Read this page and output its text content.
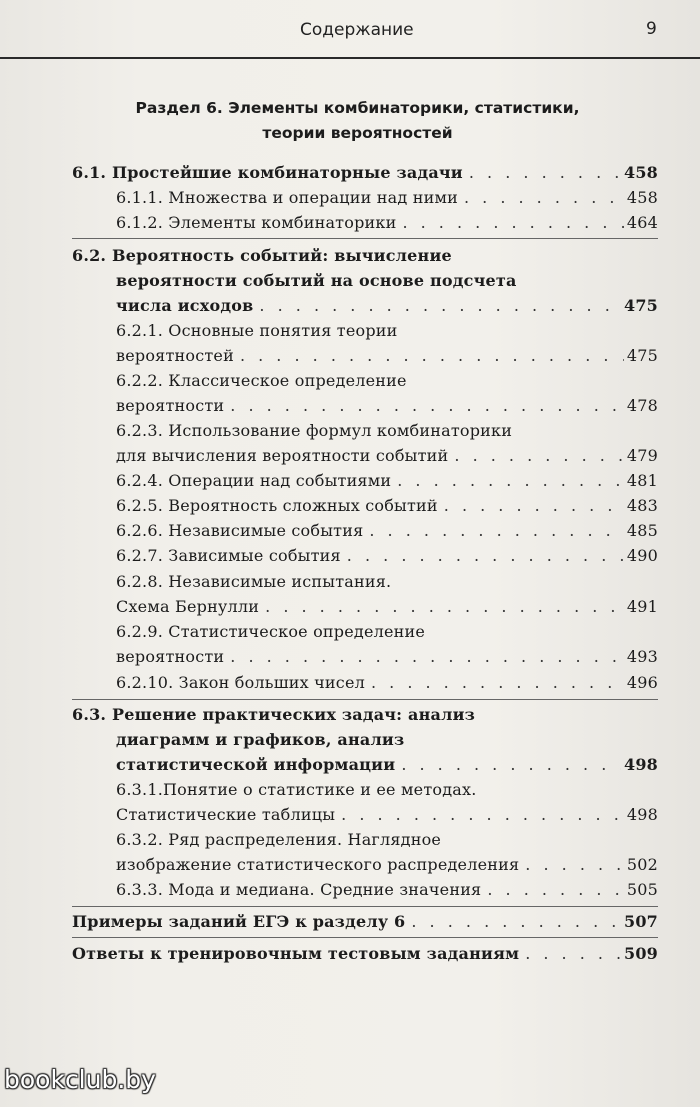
Содержание	9
Раздел 6. Элементы комбинаторики, статистики,
теории вероятностей
6.1. Простейшие комбинаторные задачи . . .	458
6.1.1. Множества и операции над ними . . .	458
6.1.2. Элементы комбинаторики . . .	464
6.2. Вероятность событий: вычисление
вероятности событий на основе подсчета
числа исходов . . .	475
6.2.1. Основные понятия теории
вероятностей . . .	475
6.2.2. Классическое определение
вероятности . . .	478
6.2.3. Использование формул комбинаторики
для вычисления вероятности событий . . .	479
6.2.4. Операции над событиями . . .	481
6.2.5. Вероятность сложных событий . . .	483
6.2.6. Независимые события . . .	485
6.2.7. Зависимые события . . .	490
6.2.8. Независимые испытания.
Схема Бернулли . . .	491
6.2.9. Статистическое определение
вероятности . . .	493
6.2.10. Закон больших чисел . . .	496
6.3. Решение практических задач: анализ
диаграмм и графиков, анализ
статистической информации . . .	498
6.3.1.Понятие о статистике и ее методах.
Статистические таблицы . . .	498
6.3.2. Ряд распределения. Наглядное
изображение статистического распределения . . .	502
6.3.3. Мода и медиана. Средние значения . . .	505
Примеры заданий ЕГЭ к разделу 6 . . .	507
Ответы к тренировочным тестовым заданиям . . .	509
bookclub.by
